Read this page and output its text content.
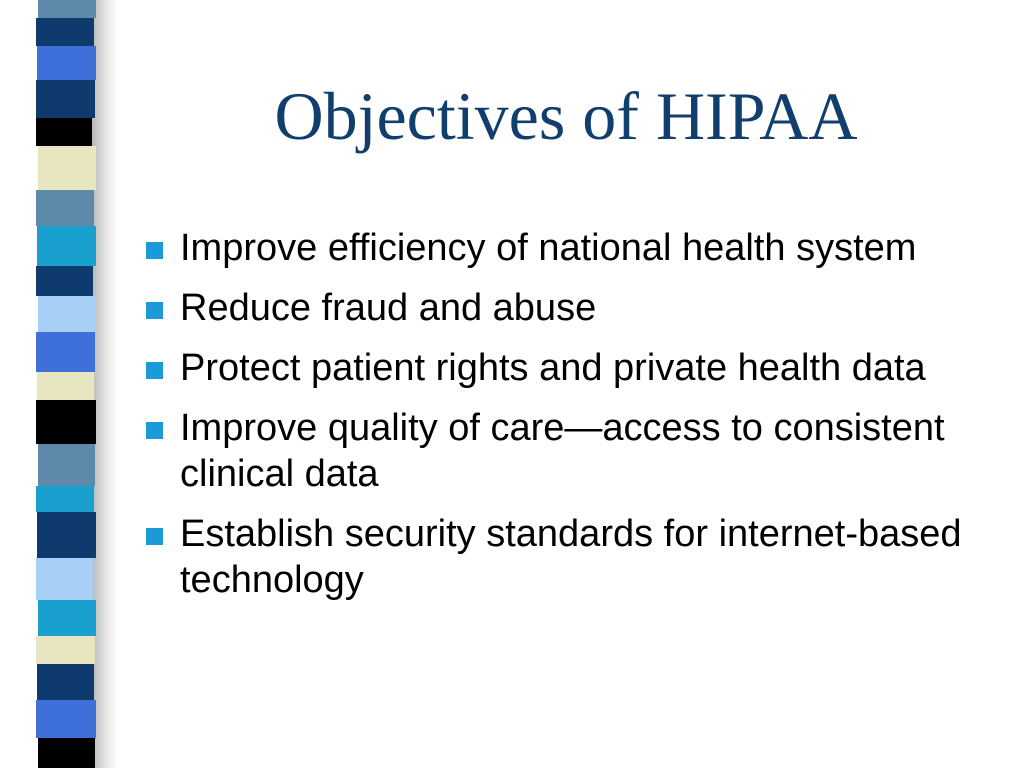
Objectives of HIPAA
Improve efficiency of national health system
Reduce fraud and abuse
Protect patient rights and private health data
Improve quality of care—access to consistent clinical data
Establish security standards for internet-based technology
